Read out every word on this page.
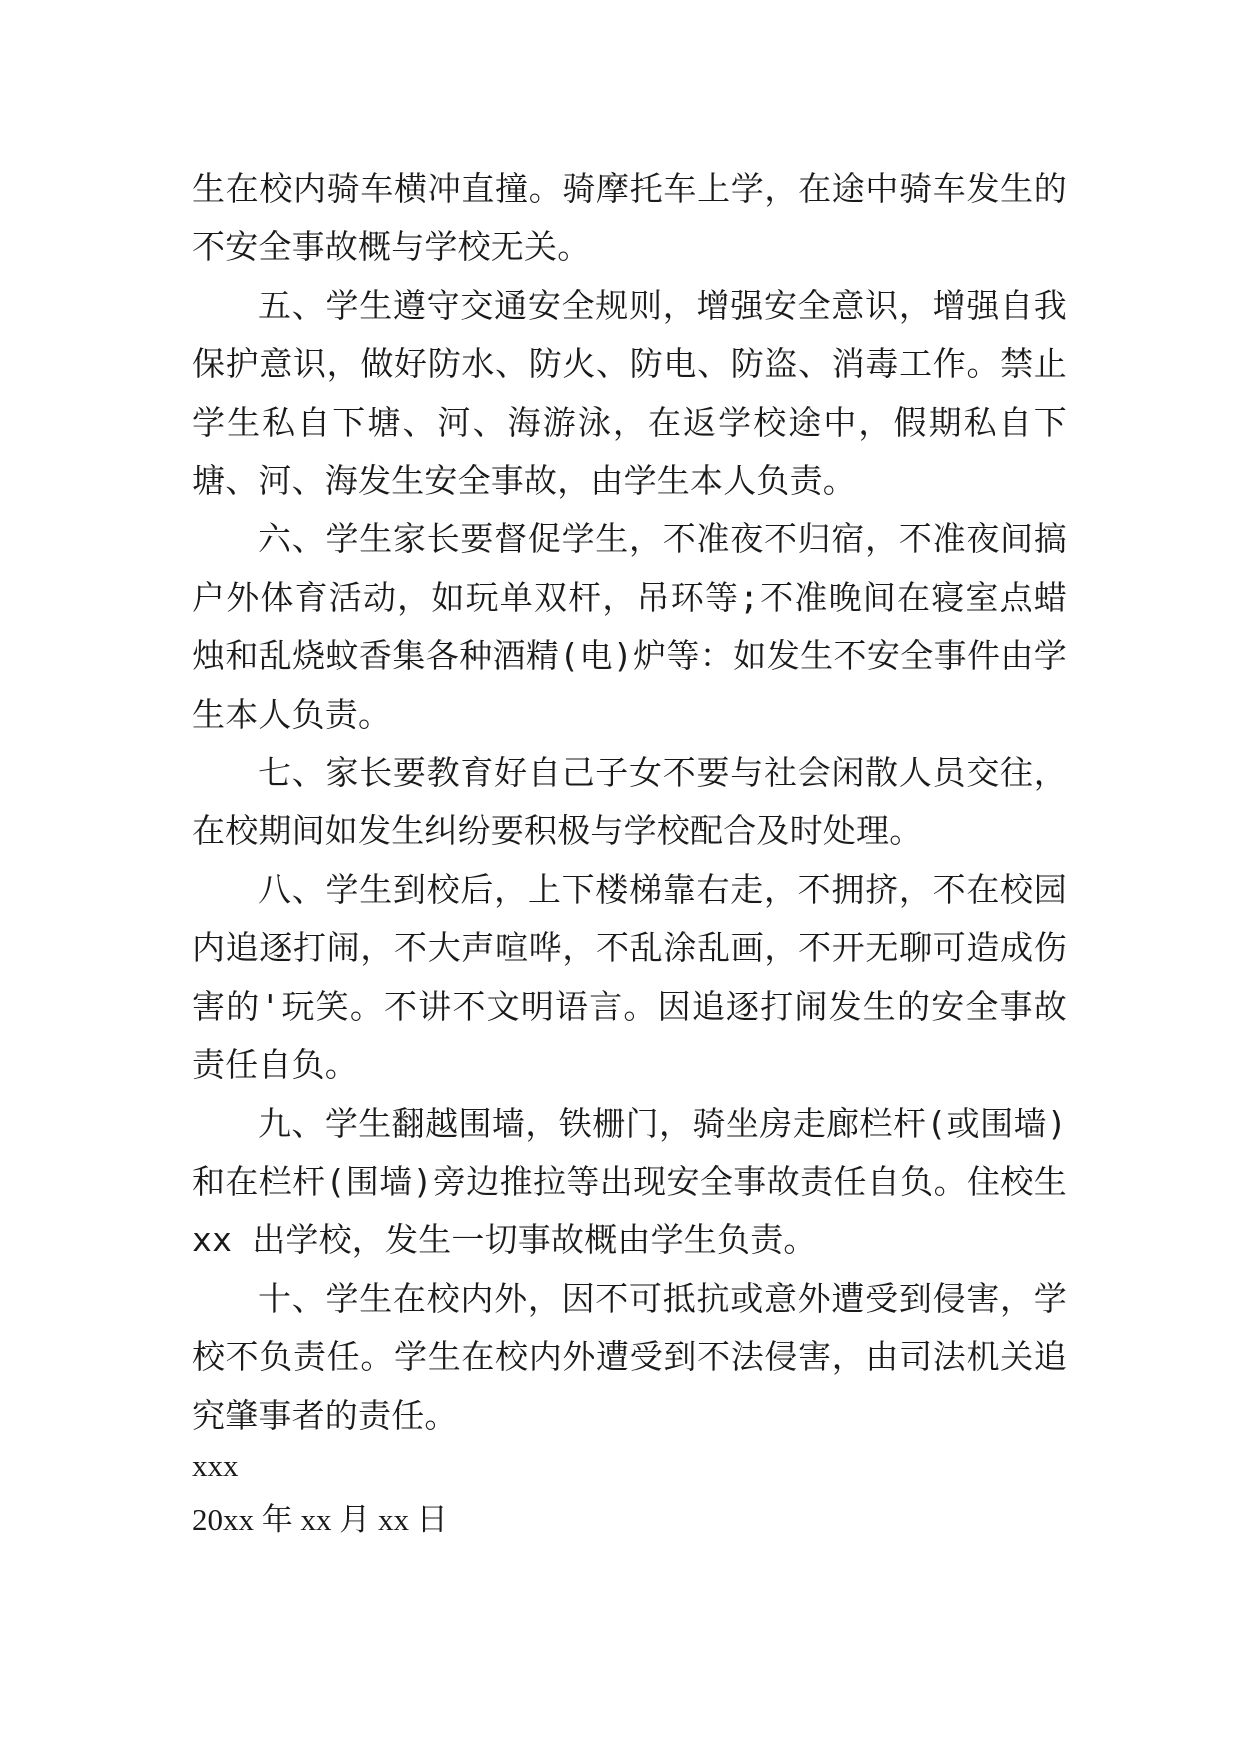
生在校内骑车横冲直撞。骑摩托车上学，在途中骑车发生的不安全事故概与学校无关。

五、学生遵守交通安全规则，增强安全意识，增强自我保护意识，做好防水、防火、防电、防盗、消毒工作。禁止学生私自下塘、河、海游泳，在返学校途中，假期私自下塘、河、海发生安全事故，由学生本人负责。

六、学生家长要督促学生，不准夜不归宿，不准夜间搞户外体育活动，如玩单双杆，吊环等;不准晚间在寝室点蜡烛和乱烧蚊香集各种酒精(电)炉等：如发生不安全事件由学生本人负责。

七、家长要教育好自己子女不要与社会闲散人员交往，在校期间如发生纠纷要积极与学校配合及时处理。

八、学生到校后，上下楼梯靠右走，不拥挤，不在校园内追逐打闹，不大声喧哗，不乱涂乱画，不开无聊可造成伤害的'玩笑。不讲不文明语言。因追逐打闹发生的安全事故责任自负。

九、学生翻越围墙，铁栅门，骑坐房走廊栏杆(或围墙)和在栏杆(围墙)旁边推拉等出现安全事故责任自负。住校生 xx 出学校，发生一切事故概由学生负责。

十、学生在校内外，因不可抵抗或意外遭受到侵害，学校不负责任。学生在校内外遭受到不法侵害，由司法机关追究肇事者的责任。

xxx
20xx 年 xx 月 xx 日
